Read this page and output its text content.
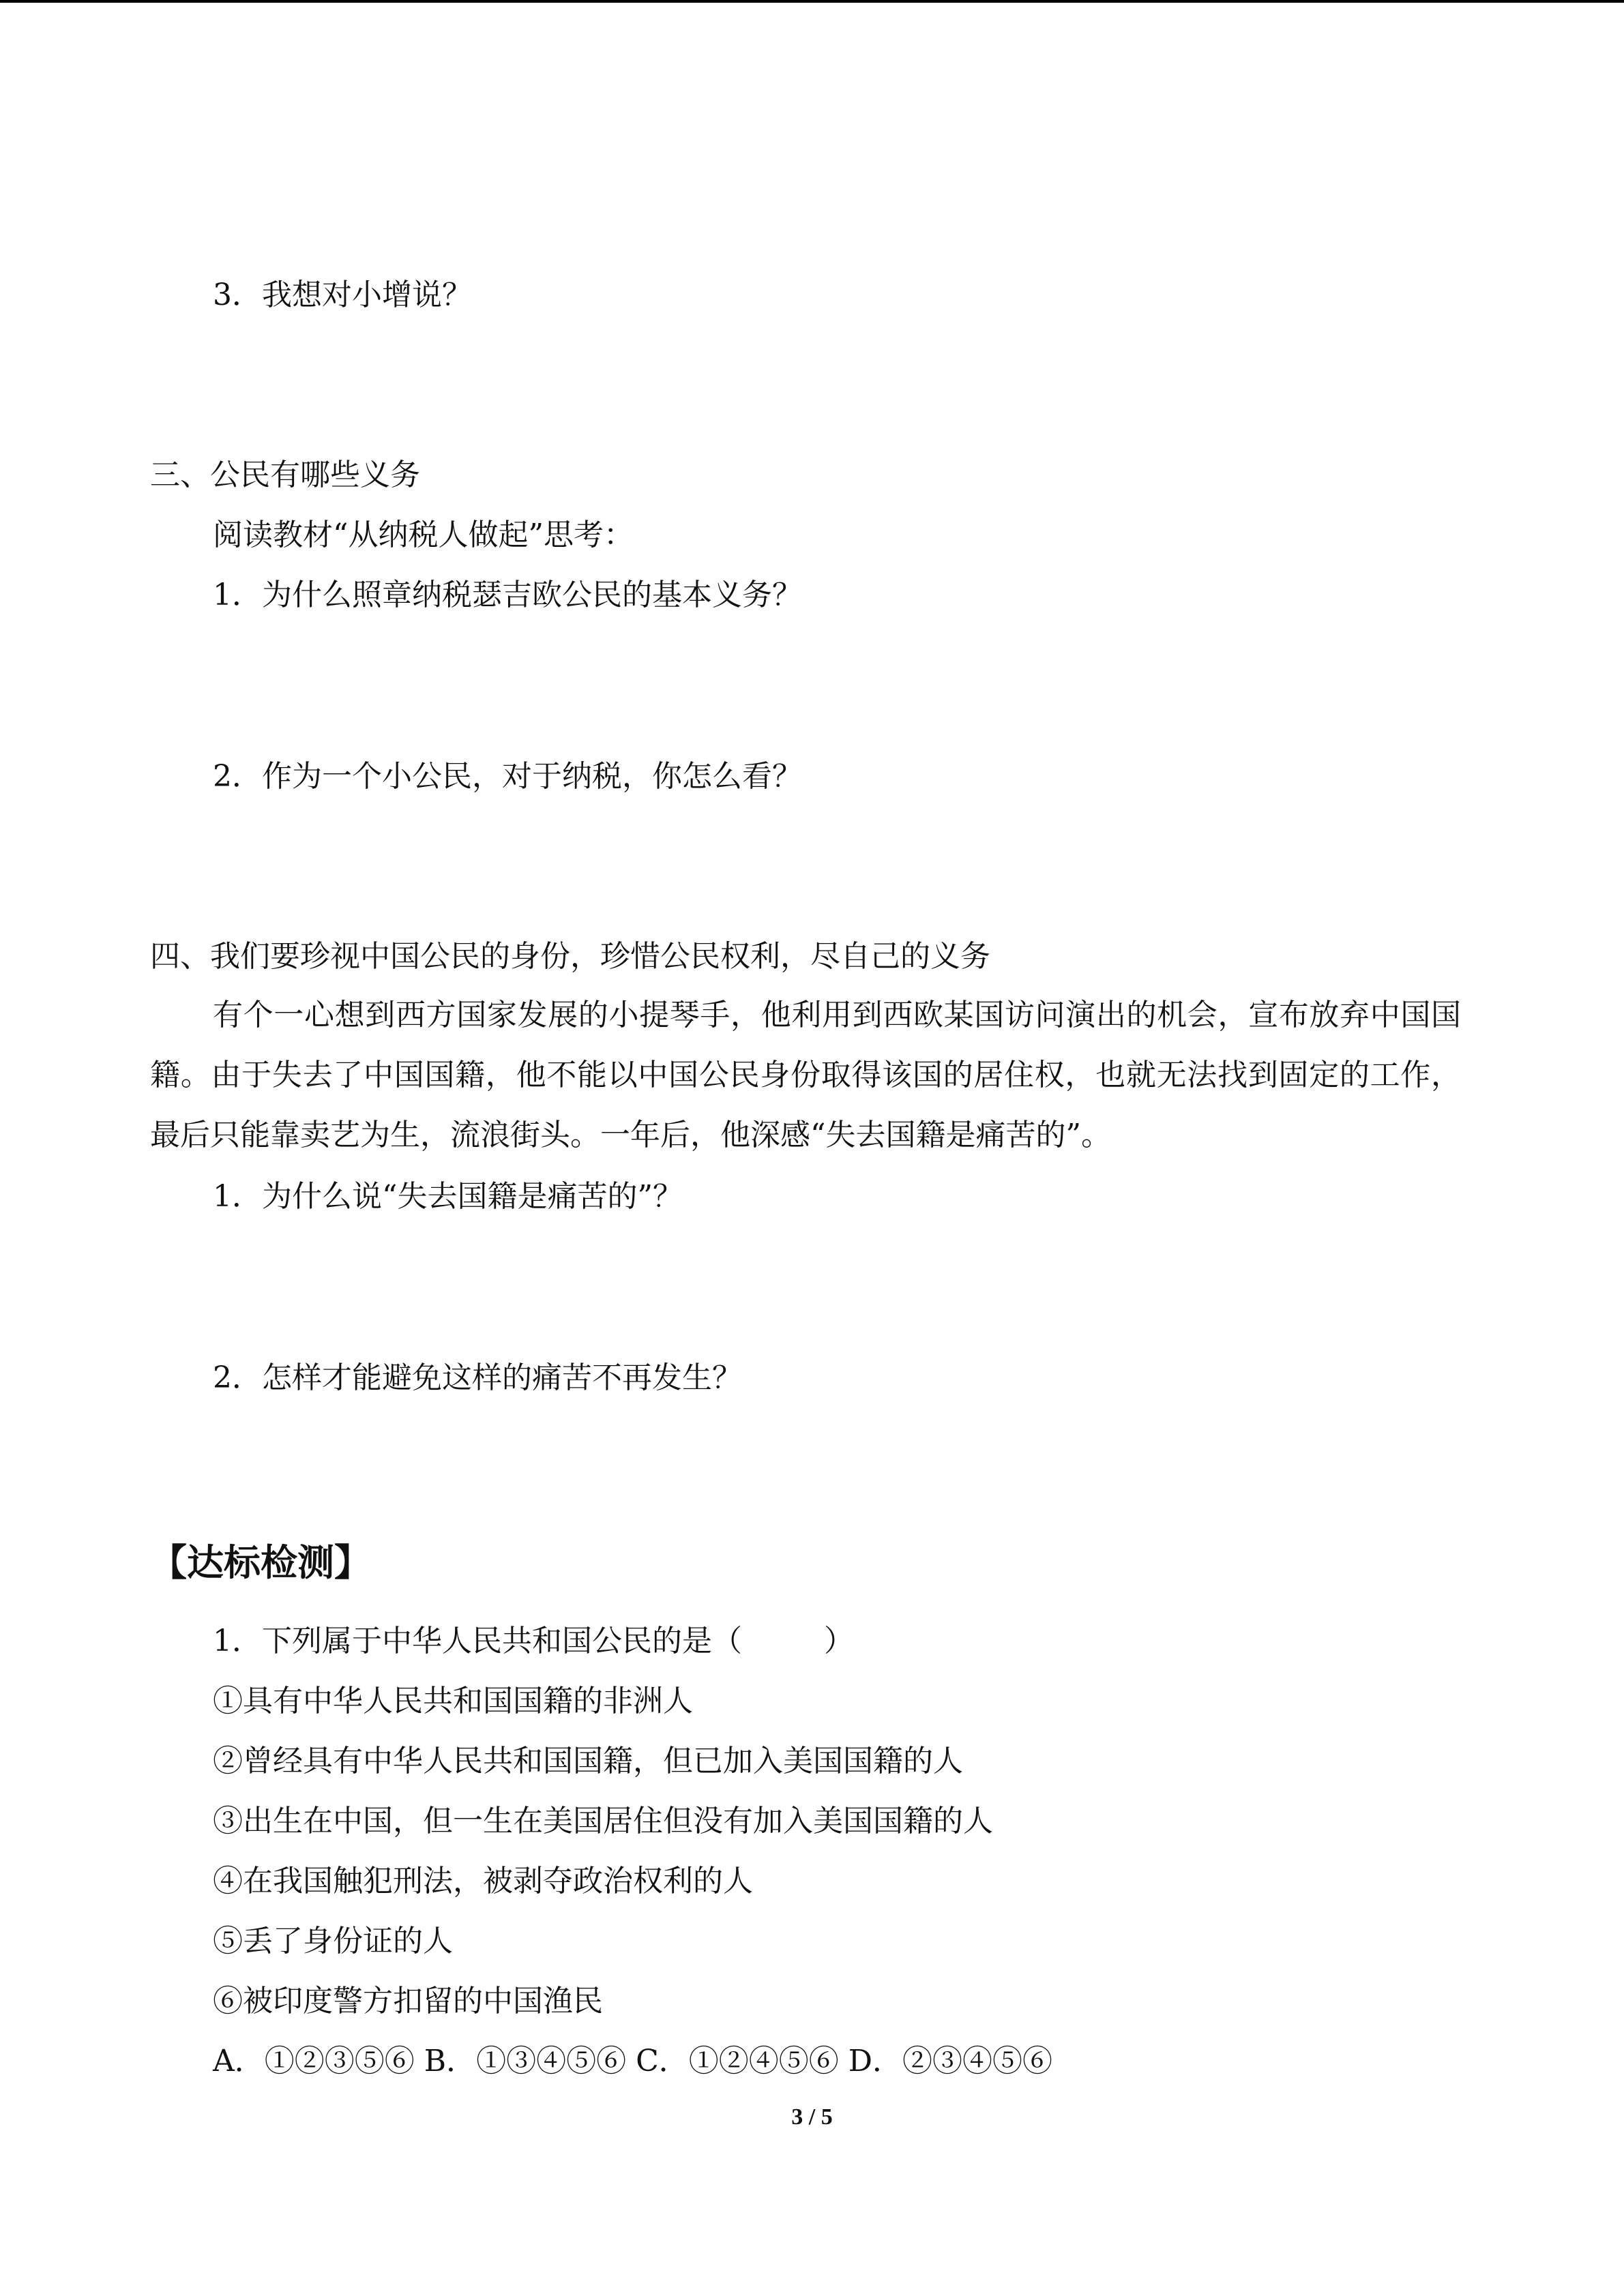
3．我想对小增说？
三、公民有哪些义务
阅读教材“从纳税人做起”思考：
1．为什么照章纳税瑟吉欧公民的基本义务？
2．作为一个小公民，对于纳税，你怎么看？
四、我们要珍视中国公民的身份，珍惜公民权利，尽自己的义务

有个一心想到西方国家发展的小提琴手，他利用到西欧某国访问演出的机会，宣布放弃中国国籍。由于失去了中国国籍，他不能以中国公民身份取得该国的居住权，也就无法找到固定的工作，最后只能靠卖艺为生，流浪街头。一年后，他深感“失去国籍是痛苦的”。

1．为什么说“失去国籍是痛苦的”？
2．怎样才能避免这样的痛苦不再发生？
【达标检测】
1．下列属于中华人民共和国公民的是（	）
①具有中华人民共和国国籍的非洲人
②曾经具有中华人民共和国国籍，但已加入美国国籍的人
③出生在中国，但一生在美国居住但没有加入美国国籍的人
④在我国触犯刑法，被剥夺政治权利的人
⑤丢了身份证的人
⑥被印度警方扣留的中国渔民
A．①②③⑤⑥ B．①③④⑤⑥ C．①②④⑤⑥ D．②③④⑤⑥
3 / 5
